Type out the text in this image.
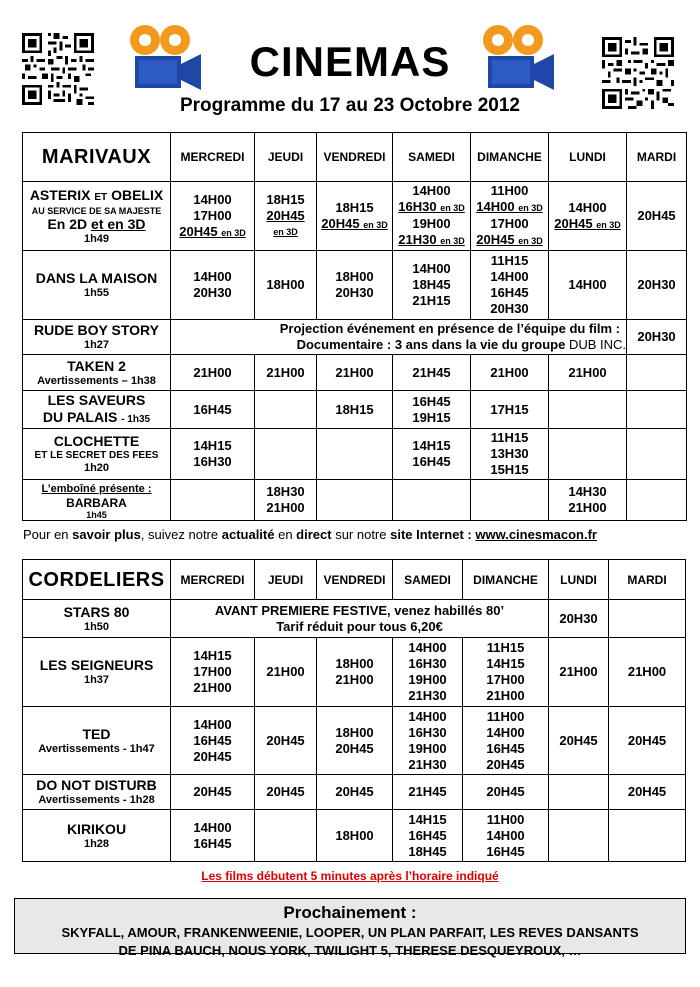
CINEMAS
Programme du 17 au 23 Octobre 2012
MARIVAUX	MERCREDI	JEUDI	VENDREDI	SAMEDI	DIMANCHE	LUNDI	MARDI

ASTERIX ET OBELIX
AU SERVICE DE SA MAJESTE
En 2D et en 3D
1h49	14H00
17H00
20H45 en 3D	18H15
20H45
en 3D	18H15
20H45 en 3D	14H00
16H30 en 3D
19H00
21H30 en 3D	11H00
14H00 en 3D
17H00
20H45 en 3D	14H00
20H45 en 3D	20H45

DANS LA MAISON
1h55	14H00
20H30	18H00	18H00
20H30	14H00
18H45
21H15	11H15
14H00
16H45
20H30	14H00	20H30

RUDE BOY STORY
1h27	Projection événement en présence de l’équipe du film :
Documentaire : 3 ans dans la vie du groupe DUB INC.						20H30

TAKEN 2
Avertissements – 1h38	21H00	21H00	21H00	21H45	21H00	21H00	

LES SAVEURS
DU PALAIS - 1h35	16H45		18H15	16H45
19H15	17H15		

CLOCHETTE
ET LE SECRET DES FEES
1h20	14H15
16H30			14H15
16H45	11H15
13H30
15H15		

L’emboîné présente :
BARBARA
1h45		18H30
21H00				14H30
21H00	

Pour en savoir plus, suivez notre actualité en direct sur notre site Internet : www.cinesmacon.fr
CORDELIERS	MERCREDI	JEUDI	VENDREDI	SAMEDI	DIMANCHE	LUNDI	MARDI

STARS 80
1h50	AVANT PREMIERE FESTIVE, venez habillés 80’
Tarif réduit pour tous 6,20€					20H30	

LES SEIGNEURS
1h37	14H15
17H00
21H00	21H00	18H00
21H00	14H00
16H30
19H00
21H30	11H15
14H15
17H00
21H00	21H00	21H00

TED
Avertissements - 1h47	14H00
16H45
20H45	20H45	18H00
20H45	14H00
16H30
19H00
21H30	11H00
14H00
16H45
20H45	20H45	20H45

DO NOT DISTURB
Avertissements - 1h28	20H45	20H45	20H45	21H45	20H45		20H45

KIRIKOU
1h28	14H00
16H45		18H00	14H15
16H45
18H45	11H00
14H00
16H45		

Les films débutent 5 minutes après l’horaire indiqué
Prochainement :
SKYFALL, AMOUR, FRANKENWEENIE, LOOPER, UN PLAN PARFAIT, LES REVES DANSANTS
DE PINA BAUCH, NOUS YORK, TWILIGHT 5, THERESE DESQUEYROUX, …
